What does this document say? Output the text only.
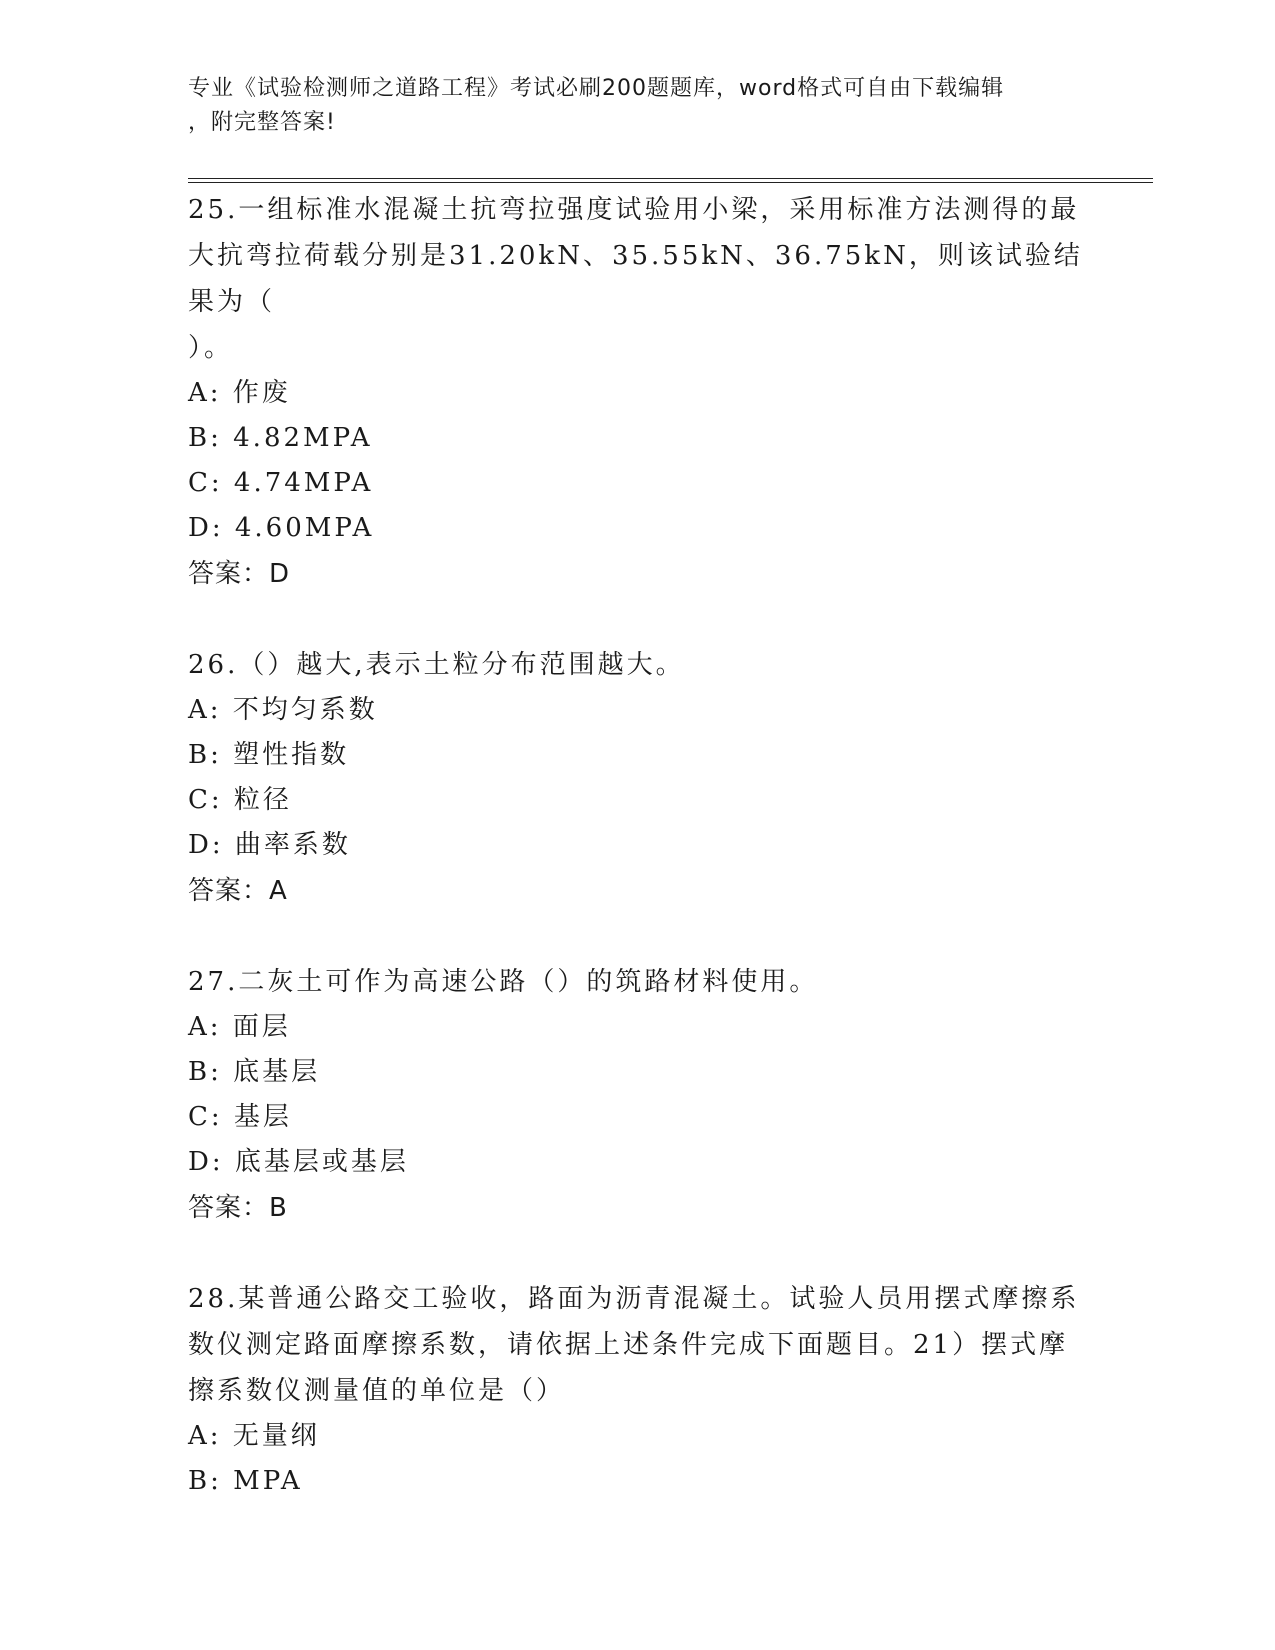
专业《试验检测师之道路工程》考试必刷200题题库，word格式可自由下载编辑
，附完整答案!

25.一组标准水混凝土抗弯拉强度试验用小梁，采用标准方法测得的最

大抗弯拉荷载分别是31.20kN、35.55kN、36.75kN，则该试验结果为（

）。

A: 作废

B: 4.82MPA

C: 4.74MPA

D: 4.60MPA

答案：D

26.（）越大,表示土粒分布范围越大。

A: 不均匀系数

B: 塑性指数

C: 粒径

D: 曲率系数

答案：A

27.二灰土可作为高速公路（）的筑路材料使用。

A: 面层

B: 底基层

C: 基层

D: 底基层或基层

答案：B

28.某普通公路交工验收，路面为沥青混凝土。试验人员用摆式摩擦系

数仪测定路面摩擦系数，请依据上述条件完成下面题目。21）摆式摩

擦系数仪测量值的单位是（）

A: 无量纲

B: MPA
